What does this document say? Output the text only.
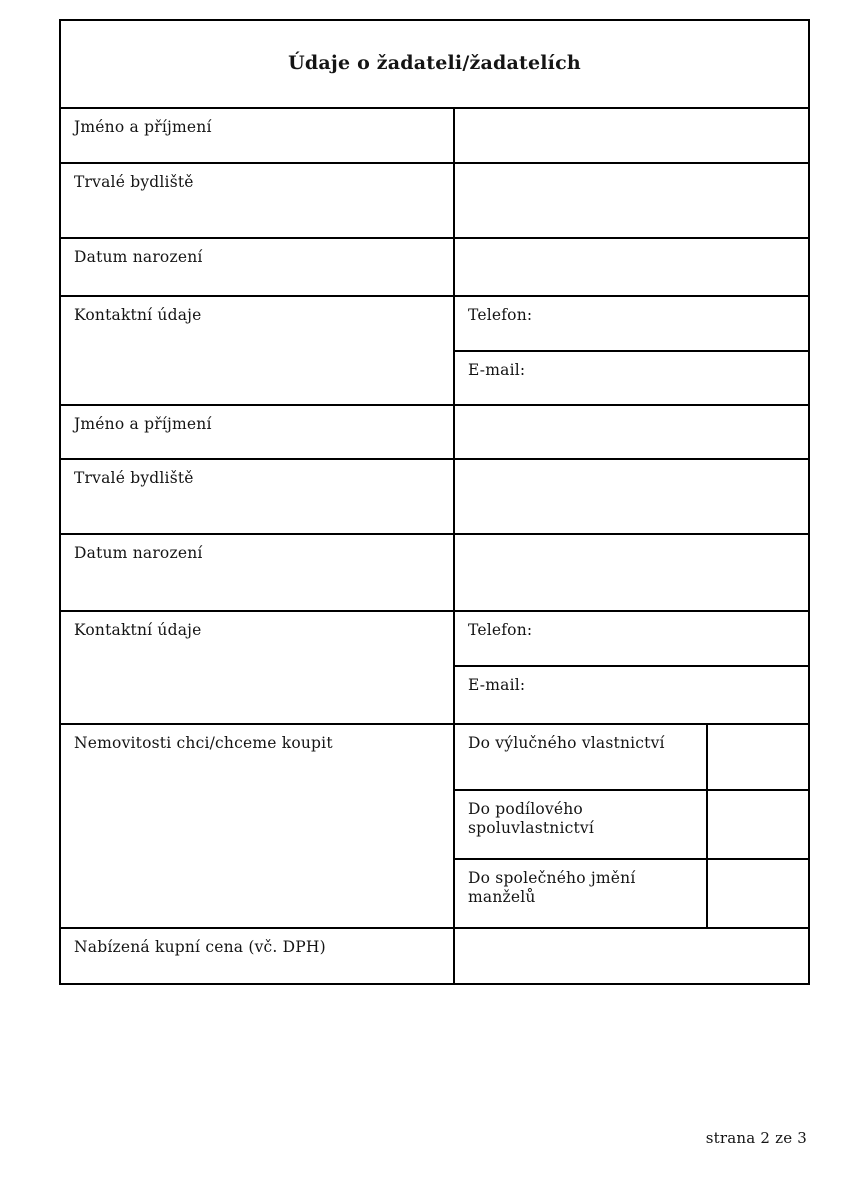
Údaje o žadateli/žadatelích		
Jméno a příjmení		
Trvalé bydliště		
Datum narození		
Kontaktní údaje	Telefon:	
	E-mail:	
Jméno a příjmení		
Trvalé bydliště		
Datum narození		
Kontaktní údaje	Telefon:	
	E-mail:	
Nemovitosti chci/chceme koupit	Do výlučného vlastnictví	
	Do podílového spoluvlastnictví	
	Do společného jmění manželů	
Nabízená kupní cena (vč. DPH)		
strana 2 ze 3
